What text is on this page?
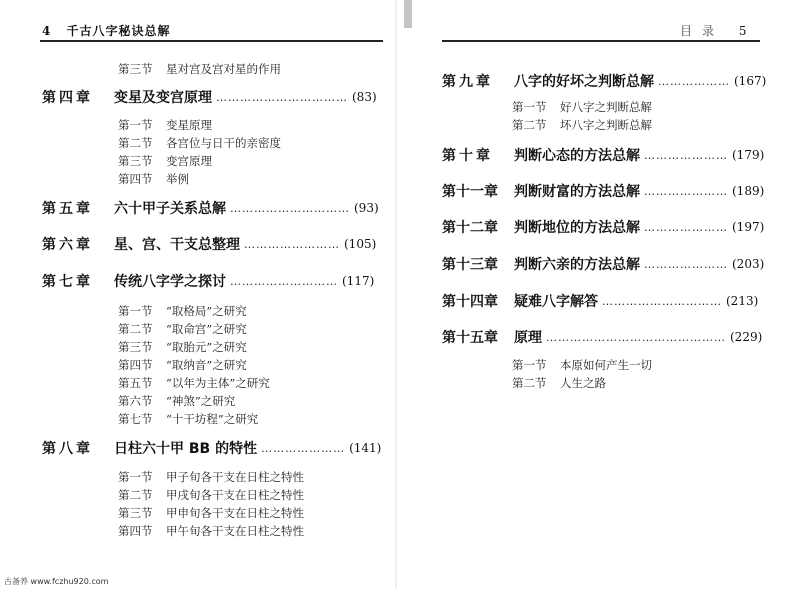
4 千古八字秘诀总解
第三节	星对宫及宫对星的作用
第四章	变星及变宫原理 …………………………… (83)
第一节	变星原理
第二节	各宫位与日干的亲密度
第三节	变宫原理
第四节	举例
第五章	六十甲子关系总解 ………………………… (93)
第六章	星、宫、干支总整理 …………………… (105)
第七章	传统八字学之探讨 ……………………… (117)
第一节	“取格局”之研究
第二节	“取命宫”之研究
第三节	“取胎元”之研究
第四节	“取纳音”之研究
第五节	“以年为主体”之研究
第六节	“神煞”之研究
第七节	“十干坊程”之研究
第八章	日柱六十甲 BB 的特性 ………………… (141)
第一节	甲子旬各干支在日柱之特性
第二节	甲戌旬各干支在日柱之特性
第三节	甲申旬各干支在日柱之特性
第四节	甲午旬各干支在日柱之特性
目录 5
第九章	八字的好坏之判断总解 ……………… (167)
第一节	好八字之判断总解
第二节	坏八字之判断总解
第十章	判断心态的方法总解 ………………… (179)
第十一章	判断财富的方法总解 ………………… (189)
第十二章	判断地位的方法总解 ………………… (197)
第十三章	判断六亲的方法总解 ………………… (203)
第十四章	疑难八字解答 ………………………… (213)
第十五章	原理 ……………………………………… (229)
第一节	本原如何产生一切
第二节	人生之路
古备养 www.fczhu920.com
